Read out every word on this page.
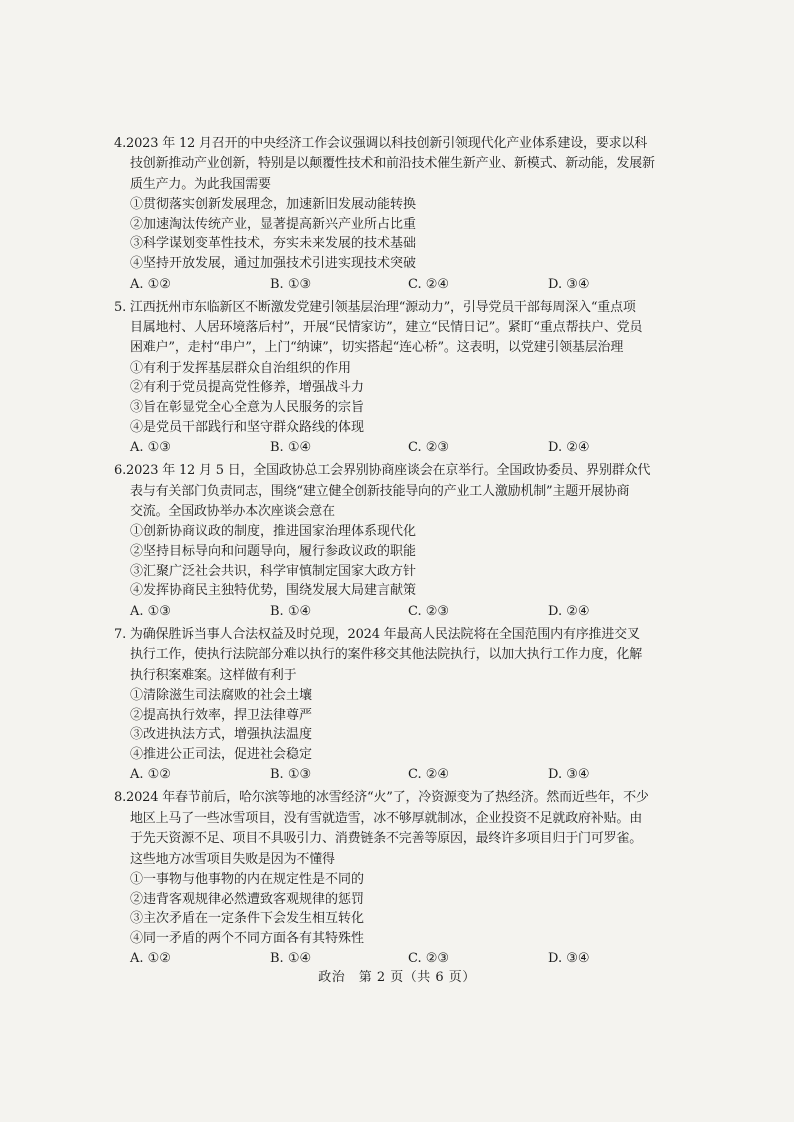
4.2023 年 12 月召开的中央经济工作会议强调以科技创新引领现代化产业体系建设，要求以科
技创新推动产业创新，特别是以颠覆性技术和前沿技术催生新产业、新模式、新动能，发展新
质生产力。为此我国需要
①贯彻落实创新发展理念，加速新旧发展动能转换
②加速淘汰传统产业，显著提高新兴产业所占比重
③科学谋划变革性技术，夯实未来发展的技术基础
④坚持开放发展，通过加强技术引进实现技术突破
A. ①②	B. ①③	C. ②④	D. ③④
5. 江西抚州市东临新区不断激发党建引领基层治理“源动力”，引导党员干部每周深入“重点项
目属地村、人居环境落后村”，开展“民情家访”，建立“民情日记”。紧盯“重点帮扶户、党员
困难户”，走村“串户”，上门“纳谏”，切实搭起“连心桥”。这表明，以党建引领基层治理
①有利于发挥基层群众自治组织的作用
②有利于党员提高党性修养，增强战斗力
③旨在彰显党全心全意为人民服务的宗旨
④是党员干部践行和坚守群众路线的体现
A. ①③	B. ①④	C. ②③	D. ②④
6.2023 年 12 月 5 日，全国政协总工会界别协商座谈会在京举行。全国政协委员、界别群众代
表与有关部门负责同志，围绕“建立健全创新技能导向的产业工人激励机制”主题开展协商
交流。全国政协举办本次座谈会意在
①创新协商议政的制度，推进国家治理体系现代化
②坚持目标导向和问题导向，履行参政议政的职能
③汇聚广泛社会共识，科学审慎制定国家大政方针
④发挥协商民主独特优势，围绕发展大局建言献策
A. ①③	B. ①④	C. ②③	D. ②④
7. 为确保胜诉当事人合法权益及时兑现，2024 年最高人民法院将在全国范围内有序推进交叉
执行工作，使执行法院部分难以执行的案件移交其他法院执行，以加大执行工作力度，化解
执行积案难案。这样做有利于
①清除滋生司法腐败的社会土壤
②提高执行效率，捍卫法律尊严
③改进执法方式，增强执法温度
④推进公正司法，促进社会稳定
A. ①②	B. ①③	C. ②④	D. ③④
8.2024 年春节前后，哈尔滨等地的冰雪经济“火”了，冷资源变为了热经济。然而近些年，不少
地区上马了一些冰雪项目，没有雪就造雪，冰不够厚就制冰，企业投资不足就政府补贴。由
于先天资源不足、项目不具吸引力、消费链条不完善等原因，最终许多项目归于门可罗雀。
这些地方冰雪项目失败是因为不懂得
①一事物与他事物的内在规定性是不同的
②违背客观规律必然遭致客观规律的惩罚
③主次矛盾在一定条件下会发生相互转化
④同一矛盾的两个不同方面各有其特殊性
A. ①②	B. ①④	C. ②③	D. ③④
政治　第 2 页（共 6 页）
